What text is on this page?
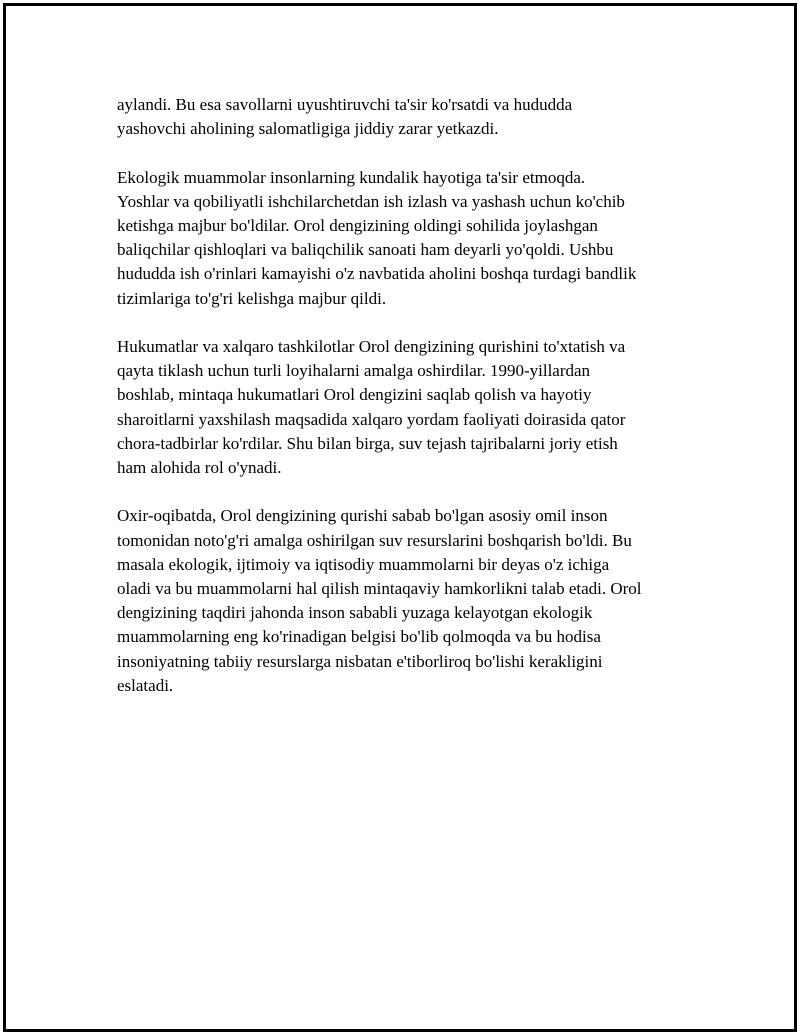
aylandi. Bu esa savollarni uyushtiruvchi ta'sir ko'rsatdi va hududda
yashovchi aholining salomatligiga jiddiy zarar yetkazdi.

Ekologik muammolar insonlarning kundalik hayotiga ta'sir etmoqda.
Yoshlar va qobiliyatli ishchilarchetdan ish izlash va yashash uchun ko'chib
ketishga majbur bo'ldilar. Orol dengizining oldingi sohilida joylashgan
baliqchilar qishloqlari va baliqchilik sanoati ham deyarli yo'qoldi. Ushbu
hududda ish o'rinlari kamayishi o'z navbatida aholini boshqa turdagi bandlik
tizimlariga to'g'ri kelishga majbur qildi.

Hukumatlar va xalqaro tashkilotlar Orol dengizining qurishini to'xtatish va
qayta tiklash uchun turli loyihalarni amalga oshirdilar. 1990-yillardan
boshlab, mintaqa hukumatlari Orol dengizini saqlab qolish va hayotiy
sharoitlarni yaxshilash maqsadida xalqaro yordam faoliyati doirasida qator
chora-tadbirlar ko'rdilar. Shu bilan birga, suv tejash tajribalarni joriy etish
ham alohida rol o'ynadi.

Oxir-oqibatda, Orol dengizining qurishi sabab bo'lgan asosiy omil inson
tomonidan noto'g'ri amalga oshirilgan suv resurslarini boshqarish bo'ldi. Bu
masala ekologik, ijtimoiy va iqtisodiy muammolarni bir deyas o'z ichiga
oladi va bu muammolarni hal qilish mintaqaviy hamkorlikni talab etadi. Orol
dengizining taqdiri jahonda inson sababli yuzaga kelayotgan ekologik
muammolarning eng ko'rinadigan belgisi bo'lib qolmoqda va bu hodisa
insoniyatning tabiiy resurslarga nisbatan e'tiborliroq bo'lishi kerakligini
eslatadi.
